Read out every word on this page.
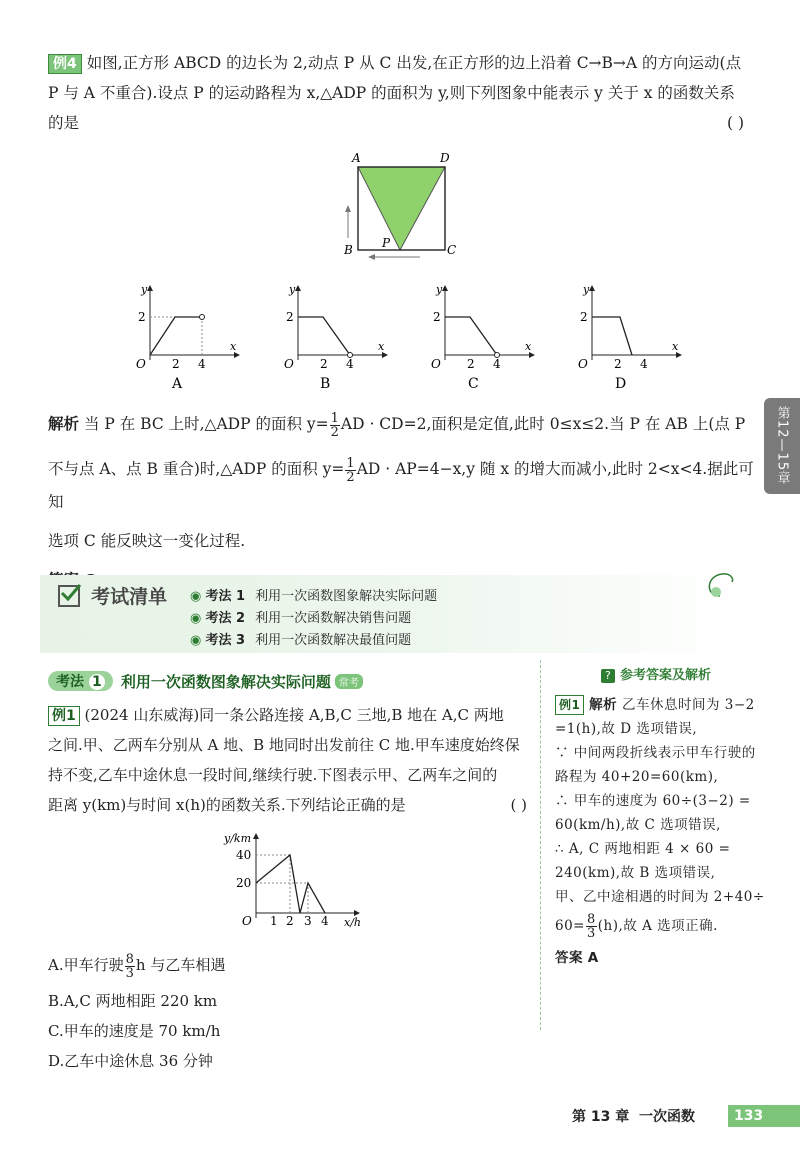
例4 如图,正方形 ABCD 的边长为 2,动点 P 从 C 出发,在正方形的边上沿着 C→B→A 的方向运动(点
P 与 A 不重合).设点 P 的运动路程为 x,△ADP 的面积为 y,则下列图象中能表示 y 关于 x 的函数关系
的是	( )
A	D
B	C
P
y
x
O
2
2 4
y
x
O
2
2 4
y
x
O
2
2 4
y
x
O
2
2 4
A	B	C	D
解析 当 P 在 BC 上时,△ADP 的面积 $y= \frac{1}{2}$ AD · CD=2,面积是定值,此时 0≤x≤2.当 P 在 AB 上(点 P
不与点 A、点 B 重合)时,△ADP 的面积 $y= \frac{1}{2}$ AD · AP=4−x,y 随 x 的增大而减小,此时 2<x<4.据此可知
选项 C 能反映这一变化过程.
第12—15章
考试清单 ◉ 考法 1 利用一次函数图象解决实际问题
◉ 考法 2 利用一次函数解决销售问题
◉ 考法 3 利用一次函数解决最值问题
考法 1	利用一次函数图象解决实际问题 常考
例1 (2024 山东威海)同一条公路连接 A,B,C 三地,B 地在 A,C 两地
之间.甲、乙两车分别从 A 地、B 地同时出发前往 C 地.甲车速度始终保
持不变,乙车中途休息一段时间,继续行驶.下图表示甲、乙两车之间的
距离 y(km)与时间 x(h)的函数关系.下列结论正确的是	( )
y/km
x/h
O
20
40
1 2 3 4
A.甲车行驶 $\frac{8}{3}$ h 与乙车相遇
B.A,C 两地相距 220 km
C.甲车的速度是 70 km/h
D.乙车中途休息 36 分钟
? 参考答案及解析
例1 解析 乙车休息时间为 3−2
=1(h),故 D 选项错误,
∵ 中间两段折线表示甲车行驶的
路程为 40+20=60(km),
∴ 甲车的速度为 60÷(3−2) =
60(km/h),故 C 选项错误,
∴ A, C 两地相距 4 × 60 =
240(km),故 B 选项错误,
甲、乙中途相遇的时间为 2+40÷
$60= \frac{8}{3} (h)$,故 A 选项正确.
答案 A
第 13 章 一次函数	133
